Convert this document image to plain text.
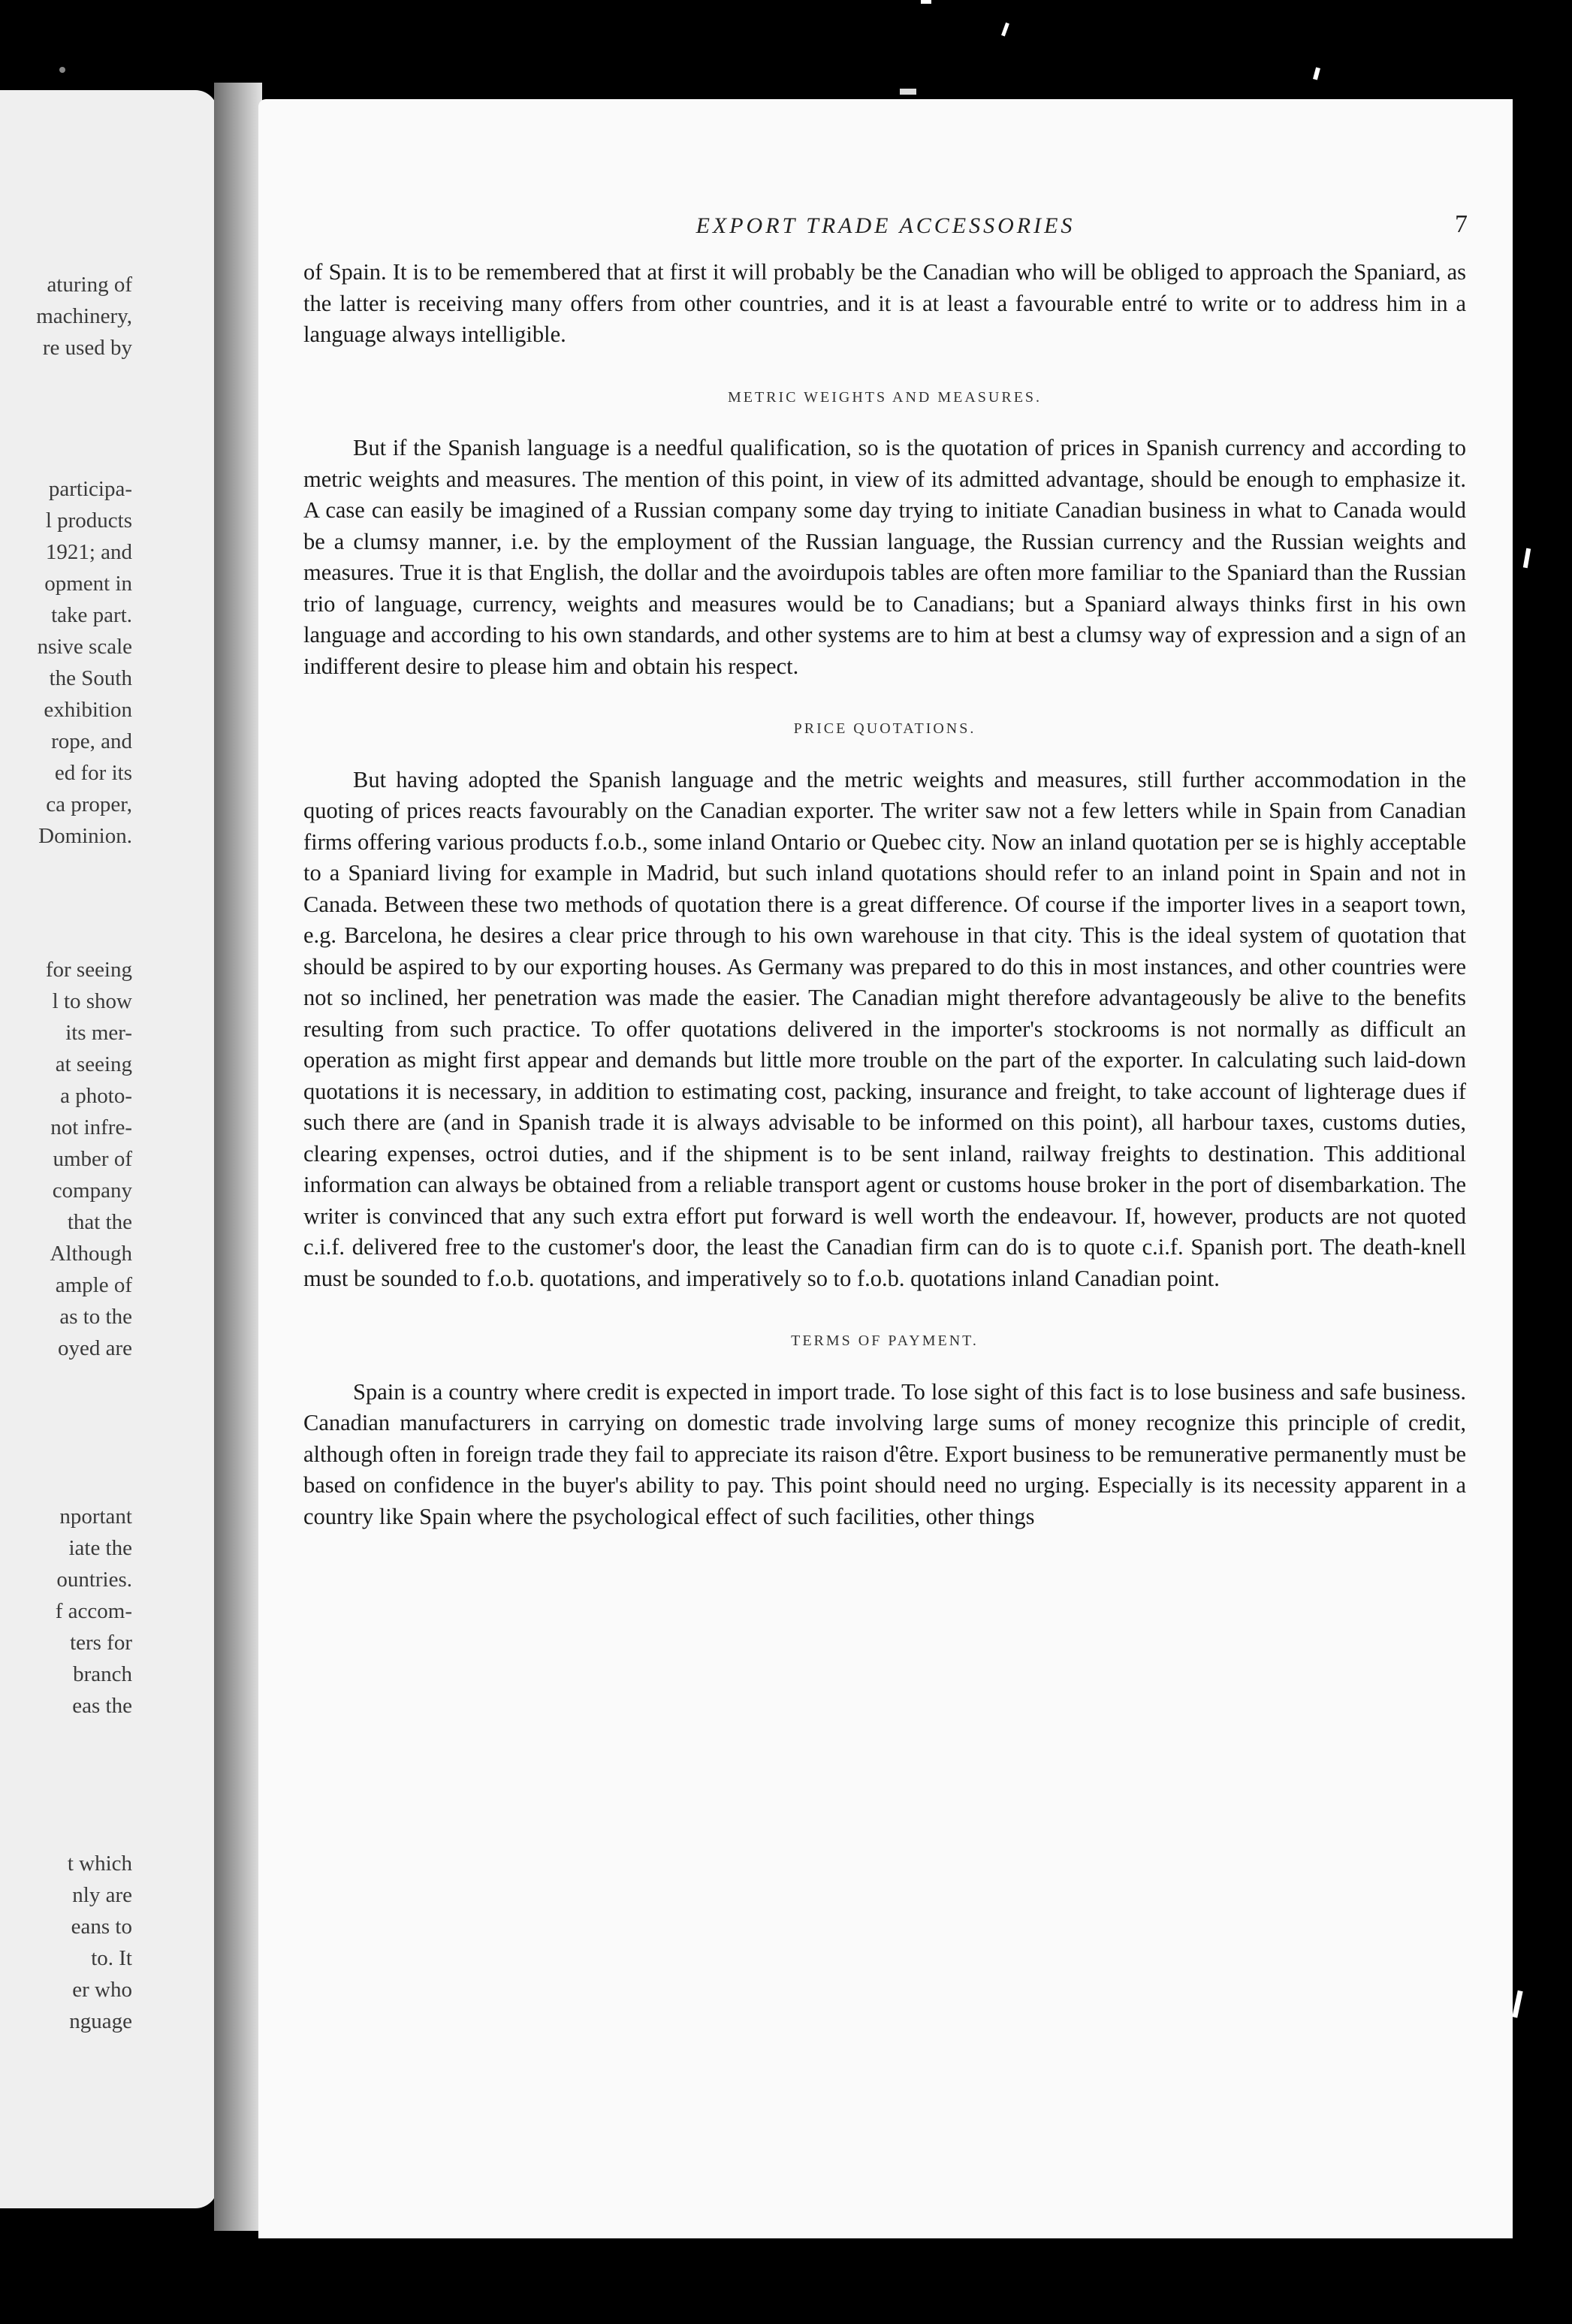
aturing of
machinery,
re used by
participa-
l products
1921; and
opment in
take part.
nsive scale
the South
exhibition
rope, and
ed for its
ca proper,
Dominion.
for seeing
l to show
its mer-
at seeing
a photo-
not infre-
umber of
company
that the
Although
ample of
as to the
oyed are
nportant
iate the
ountries.
f accom-
ters for
branch
eas the
t which
nly are
eans to
to. It
er who
nguage
EXPORT TRADE ACCESSORIES	7

of Spain. It is to be remembered that at first it will probably be the Canadian who will be obliged to approach the Spaniard, as the latter is receiving many offers from other countries, and it is at least a favourable entré to write or to address him in a language always intelligible.

METRIC WEIGHTS AND MEASURES.

But if the Spanish language is a needful qualification, so is the quotation of prices in Spanish currency and according to metric weights and measures. The mention of this point, in view of its admitted advantage, should be enough to emphasize it. A case can easily be imagined of a Russian company some day trying to initiate Canadian business in what to Canada would be a clumsy manner, i.e. by the employment of the Russian language, the Russian currency and the Russian weights and measures. True it is that English, the dollar and the avoirdupois tables are often more familiar to the Spaniard than the Russian trio of language, currency, weights and measures would be to Canadians; but a Spaniard always thinks first in his own language and according to his own standards, and other systems are to him at best a clumsy way of expression and a sign of an indifferent desire to please him and obtain his respect.

PRICE QUOTATIONS.

But having adopted the Spanish language and the metric weights and measures, still further accommodation in the quoting of prices reacts favourably on the Canadian exporter. The writer saw not a few letters while in Spain from Canadian firms offering various products f.o.b., some inland Ontario or Quebec city. Now an inland quotation per se is highly acceptable to a Spaniard living for example in Madrid, but such inland quotations should refer to an inland point in Spain and not in Canada. Between these two methods of quotation there is a great difference. Of course if the importer lives in a seaport town, e.g. Barcelona, he desires a clear price through to his own warehouse in that city. This is the ideal system of quotation that should be aspired to by our exporting houses. As Germany was prepared to do this in most instances, and other countries were not so inclined, her penetration was made the easier. The Canadian might therefore advantageously be alive to the benefits resulting from such practice. To offer quotations delivered in the importer's stockrooms is not normally as difficult an operation as might first appear and demands but little more trouble on the part of the exporter. In calculating such laid-down quotations it is necessary, in addition to estimating cost, packing, insurance and freight, to take account of lighterage dues if such there are (and in Spanish trade it is always advisable to be informed on this point), all harbour taxes, customs duties, clearing expenses, octroi duties, and if the shipment is to be sent inland, railway freights to destination. This additional information can always be obtained from a reliable transport agent or customs house broker in the port of disembarkation. The writer is convinced that any such extra effort put forward is well worth the endeavour. If, however, products are not quoted c.i.f. delivered free to the customer's door, the least the Canadian firm can do is to quote c.i.f. Spanish port. The death-knell must be sounded to f.o.b. quotations, and imperatively so to f.o.b. quotations inland Canadian point.

TERMS OF PAYMENT.

Spain is a country where credit is expected in import trade. To lose sight of this fact is to lose business and safe business. Canadian manufacturers in carrying on domestic trade involving large sums of money recognize this principle of credit, although often in foreign trade they fail to appreciate its raison d'être. Export business to be remunerative permanently must be based on confidence in the buyer's ability to pay. This point should need no urging. Especially is its necessity apparent in a country like Spain where the psychological effect of such facilities, other things
